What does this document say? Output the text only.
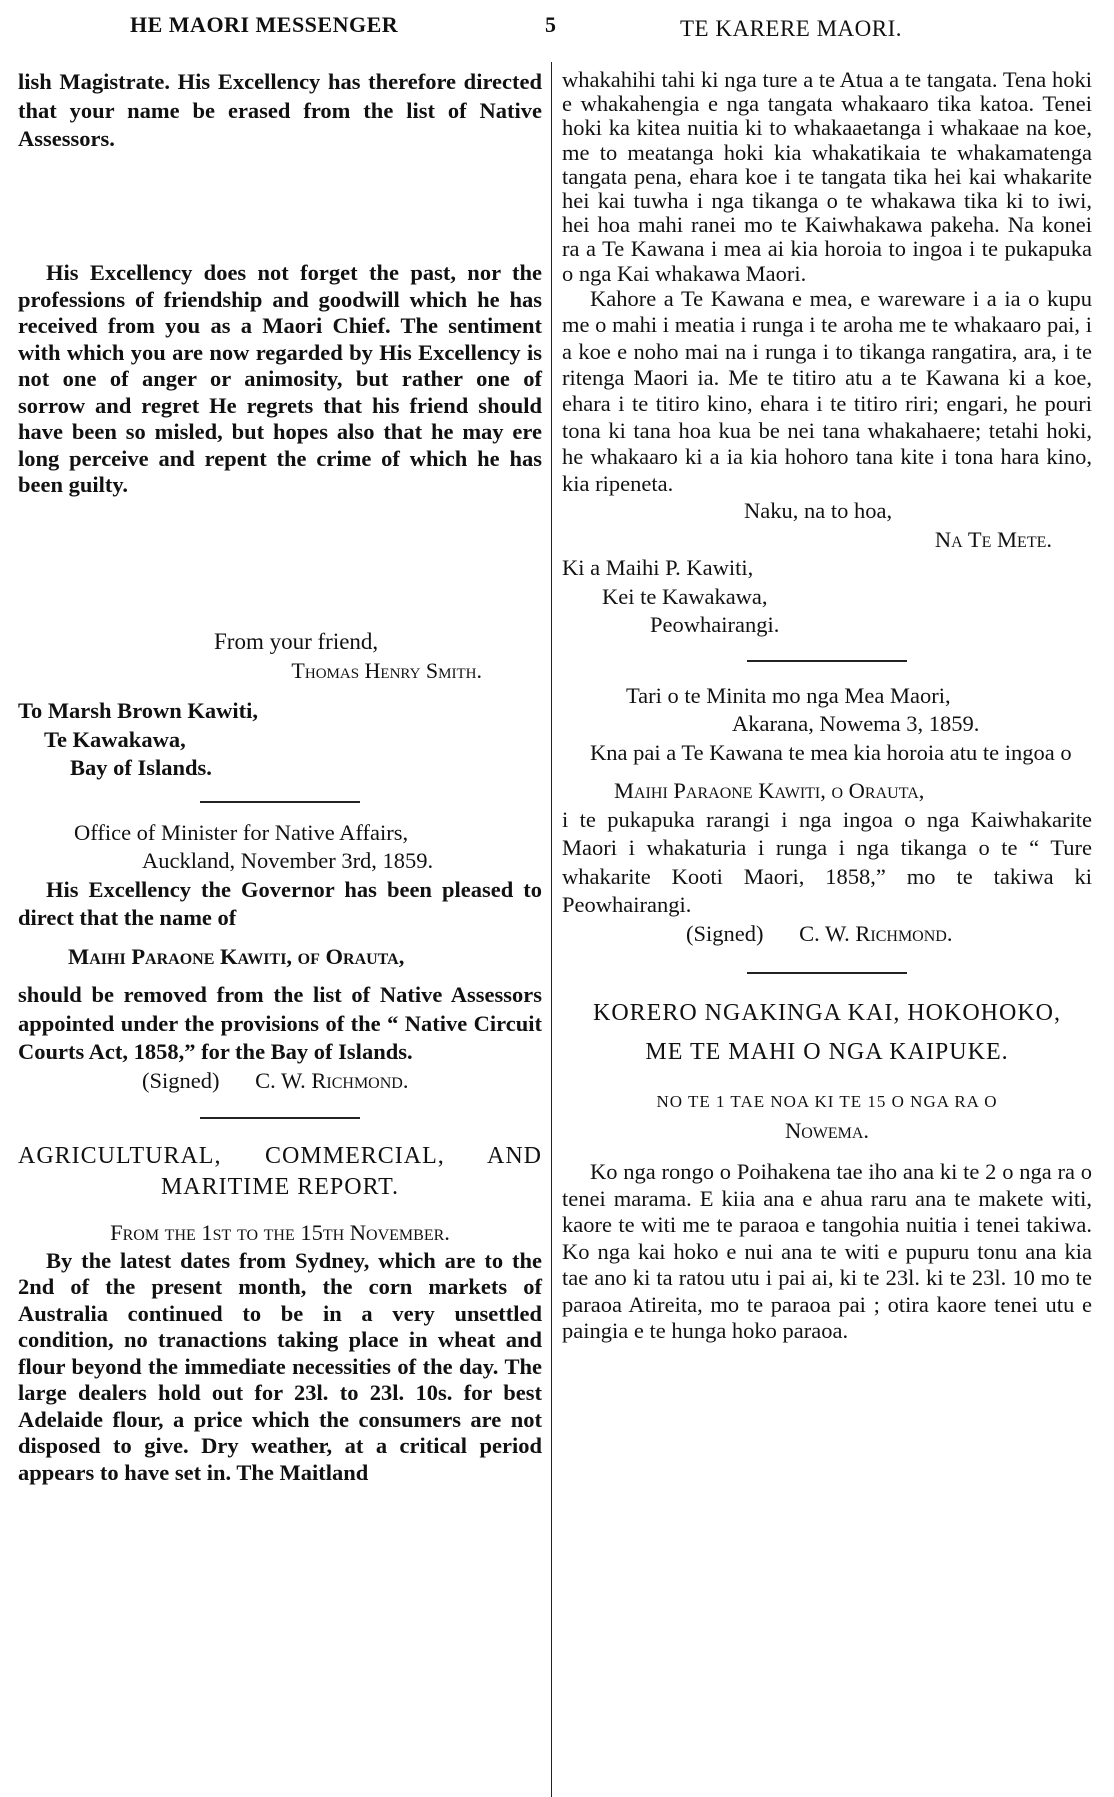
HE MAORI MESSENGER	5	TE KARERE MAORI.

lish Magistrate. His Excellency has therefore directed that your name be erased from the list of Native Assessors.

His Excellency does not forget the past, nor the professions of friendship and goodwill which he has received from you as a Maori Chief. The sentiment with which you are now regarded by His Excellency is not one of anger or animosity, but rather one of sorrow and regret He regrets that his friend should have been so misled, but hopes also that he may ere long perceive and repent the crime of which he has been guilty.

From your friend,

Thomas Henry Smith.

To Marsh Brown Kawiti,

Te Kawakawa,

Bay of Islands.

Office of Minister for Native Affairs,

Auckland, November 3rd, 1859.

His Excellency the Governor has been pleased to direct that the name of

Maihi Paraone Kawiti, of Orauta,

should be removed from the list of Native Assessors appointed under the provisions of the “ Native Circuit Courts Act, 1858,” for the Bay of Islands.

(Signed) C. W. Richmond.

AGRICULTURAL, COMMERCIAL, AND MARITIME REPORT.

From the 1st to the 15th November.

By the latest dates from Sydney, which are to the 2nd of the present month, the corn markets of Australia continued to be in a very unsettled condition, no tranactions taking place in wheat and flour beyond the immediate necessities of the day. The large dealers hold out for 23l. to 23l. 10s. for best Adelaide flour, a price which the consumers are not disposed to give. Dry weather, at a critical period appears to have set in. The Maitland

whakahihi tahi ki nga ture a te Atua a te tangata. Tena hoki e whakahengia e nga tangata whakaaro tika katoa. Tenei hoki ka kitea nuitia ki to whakaaetanga i whakaae na koe, me to meatanga hoki kia whakatikaia te whakamatenga tangata pena, ehara koe i te tangata tika hei kai whakarite hei kai tuwha i nga tikanga o te whakawa tika ki to iwi, hei hoa mahi ranei mo te Kaiwhakawa pakeha. Na konei ra a Te Kawana i mea ai kia horoia to ingoa i te pukapuka o nga Kai whakawa Maori.

Kahore a Te Kawana e mea, e wareware i a ia o kupu me o mahi i meatia i runga i te aroha me te whakaaro pai, i a koe e noho mai na i runga i to tikanga rangatira, ara, i te ritenga Maori ia. Me te titiro atu a te Kawana ki a koe, ehara i te titiro kino, ehara i te titiro riri; engari, he pouri tona ki tana hoa kua be nei tana whakahaere; tetahi hoki, he whakaaro ki a ia kia hohoro tana kite i tona hara kino, kia ripeneta.

Naku, na to hoa,

Na Te Mete.

Ki a Maihi P. Kawiti,

Kei te Kawakawa,

Peowhairangi.

Tari o te Minita mo nga Mea Maori,

Akarana, Nowema 3, 1859.

Kna pai a Te Kawana te mea kia horoia atu te ingoa o

Maihi Paraone Kawiti, o Orauta,

i te pukapuka rarangi i nga ingoa o nga Kaiwhakarite Maori i whakaturia i runga i nga tikanga o te “ Ture whakarite Kooti Maori, 1858,” mo te takiwa ki Peowhairangi.

(Signed) C. W. Richmond.

KORERO NGAKINGA KAI, HOKOHOKO,

ME TE MAHI O NGA KAIPUKE.

NO TE 1 TAE NOA KI TE 15 O NGA RA O

Nowema.

Ko nga rongo o Poihakena tae iho ana ki te 2 o nga ra o tenei marama. E kiia ana e ahua raru ana te makete witi, kaore te witi me te paraoa e tangohia nuitia i tenei takiwa. Ko nga kai hoko e nui ana te witi e pupuru tonu ana kia tae ano ki ta ratou utu i pai ai, ki te 23l. ki te 23l. 10 mo te paraoa Atireita, mo te paraoa pai ; otira kaore tenei utu e paingia e te hunga hoko paraoa.
